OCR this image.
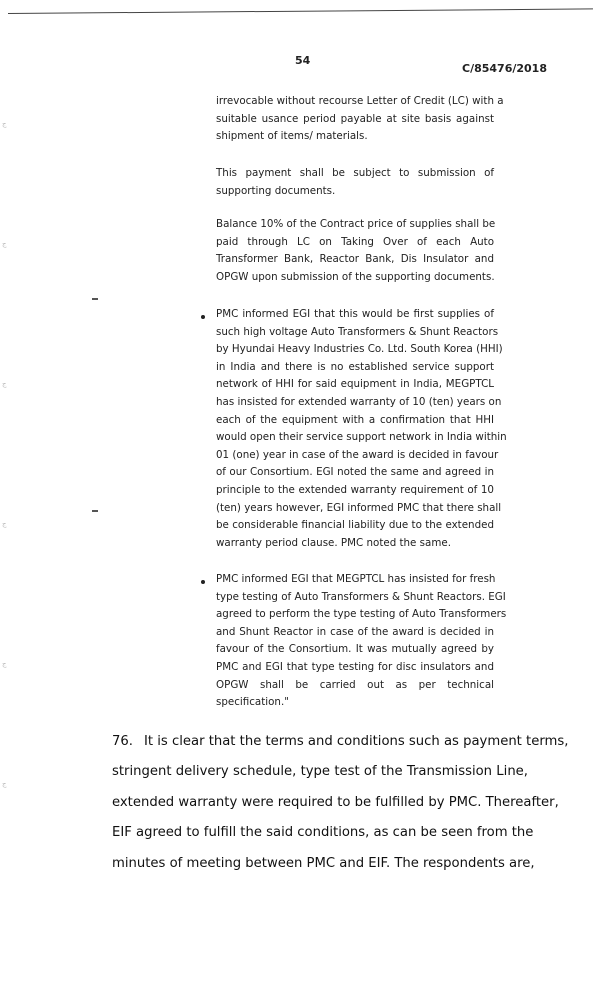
54
C/85476/2018
irrevocable without recourse Letter of Credit (LC) with a
suitable usance period payable at site basis against
shipment of items/ materials.
This payment shall be subject to submission of
supporting documents.
Balance 10% of the Contract price of supplies shall be
paid through LC on Taking Over of each Auto
Transformer Bank, Reactor Bank, Dis Insulator and
OPGW upon submission of the supporting documents.
PMC informed EGI that this would be first supplies of
such high voltage Auto Transformers & Shunt Reactors
by Hyundai Heavy Industries Co. Ltd. South Korea (HHI)
in India and there is no established service support
network of HHI for said equipment in India, MEGPTCL
has insisted for extended warranty of 10 (ten) years on
each of the equipment with a confirmation that HHI
would open their service support network in India within
01 (one) year in case of the award is decided in favour
of our Consortium. EGI noted the same and agreed in
principle to the extended warranty requirement of 10
(ten) years however, EGI informed PMC that there shall
be considerable financial liability due to the extended
warranty period clause. PMC noted the same.
PMC informed EGI that MEGPTCL has insisted for fresh
type testing of Auto Transformers & Shunt Reactors. EGI
agreed to perform the type testing of Auto Transformers
and Shunt Reactor in case of the award is decided in
favour of the Consortium. It was mutually agreed by
PMC and EGI that type testing for disc insulators and
OPGW shall be carried out as per technical
specification."
76. It is clear that the terms and conditions such as payment terms,
stringent delivery schedule, type test of the Transmission Line,
extended warranty were required to be fulfilled by PMC. Thereafter,
EIF agreed to fulfill the said conditions, as can be seen from the
minutes of meeting between PMC and EIF. The respondents are,
ج
ج
ج
ج
ج
ج
